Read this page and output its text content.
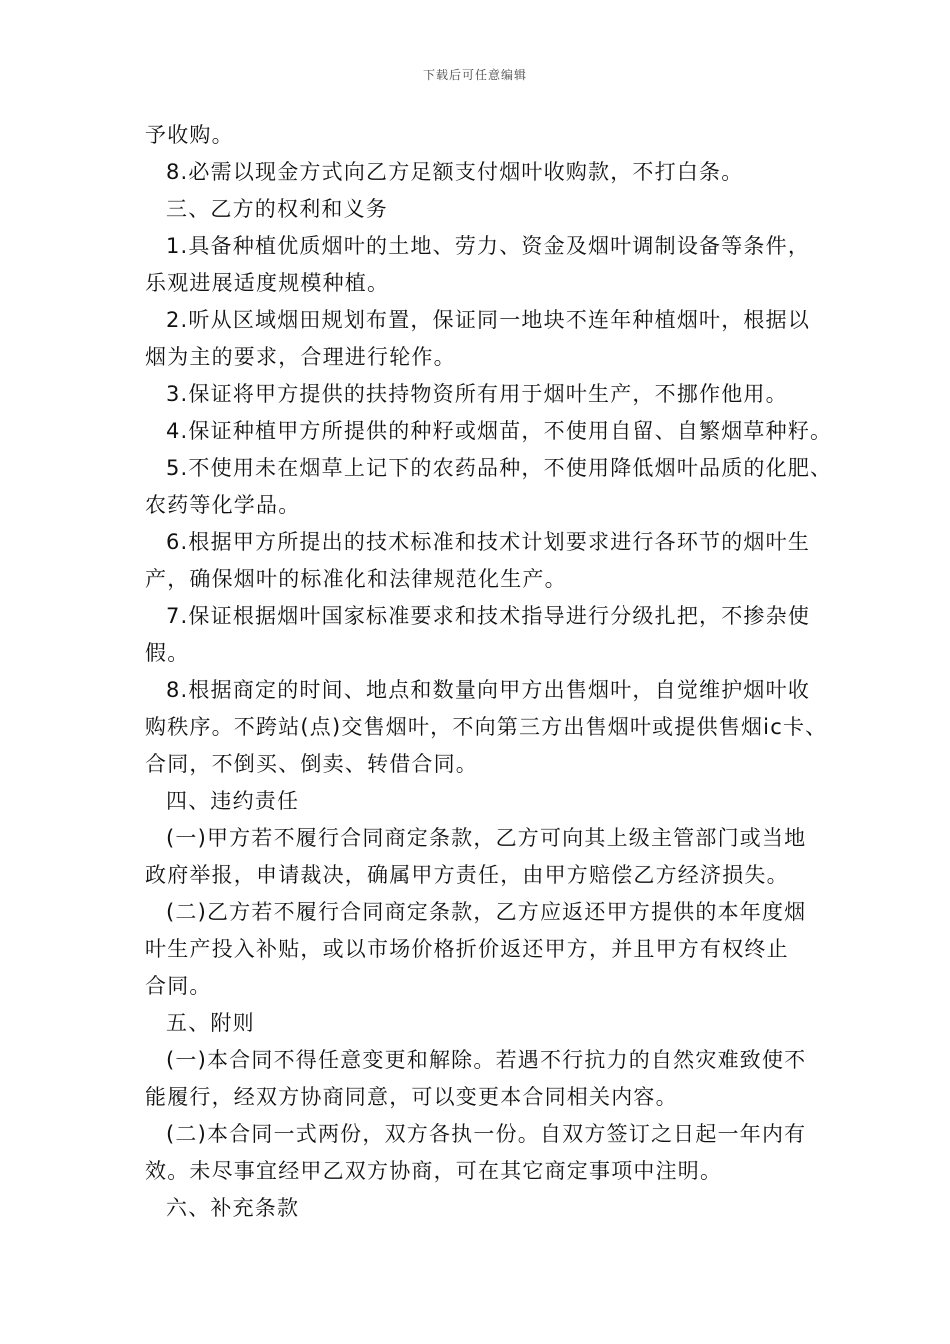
下载后可任意编辑
予收购。
8.必需以现金方式向乙方足额支付烟叶收购款，不打白条。
三、乙方的权利和义务
1.具备种植优质烟叶的土地、劳力、资金及烟叶调制设备等条件，
乐观进展适度规模种植。
2.听从区域烟田规划布置，保证同一地块不连年种植烟叶，根据以
烟为主的要求，合理进行轮作。
3.保证将甲方提供的扶持物资所有用于烟叶生产，不挪作他用。
4.保证种植甲方所提供的种籽或烟苗，不使用自留、自繁烟草种籽。
5.不使用未在烟草上记下的农药品种，不使用降低烟叶品质的化肥、
农药等化学品。
6.根据甲方所提出的技术标准和技术计划要求进行各环节的烟叶生
产，确保烟叶的标准化和法律规范化生产。
7.保证根据烟叶国家标准要求和技术指导进行分级扎把，不掺杂使
假。
8.根据商定的时间、地点和数量向甲方出售烟叶，自觉维护烟叶收
购秩序。不跨站(点)交售烟叶，不向第三方出售烟叶或提供售烟ic卡、
合同，不倒买、倒卖、转借合同。
四、违约责任
(一)甲方若不履行合同商定条款，乙方可向其上级主管部门或当地
政府举报，申请裁决，确属甲方责任，由甲方赔偿乙方经济损失。
(二)乙方若不履行合同商定条款，乙方应返还甲方提供的本年度烟
叶生产投入补贴，或以市场价格折价返还甲方，并且甲方有权终止
合同。
五、附则
(一)本合同不得任意变更和解除。若遇不行抗力的自然灾难致使不
能履行，经双方协商同意，可以变更本合同相关内容。
(二)本合同一式两份，双方各执一份。自双方签订之日起一年内有
效。未尽事宜经甲乙双方协商，可在其它商定事项中注明。
六、补充条款
